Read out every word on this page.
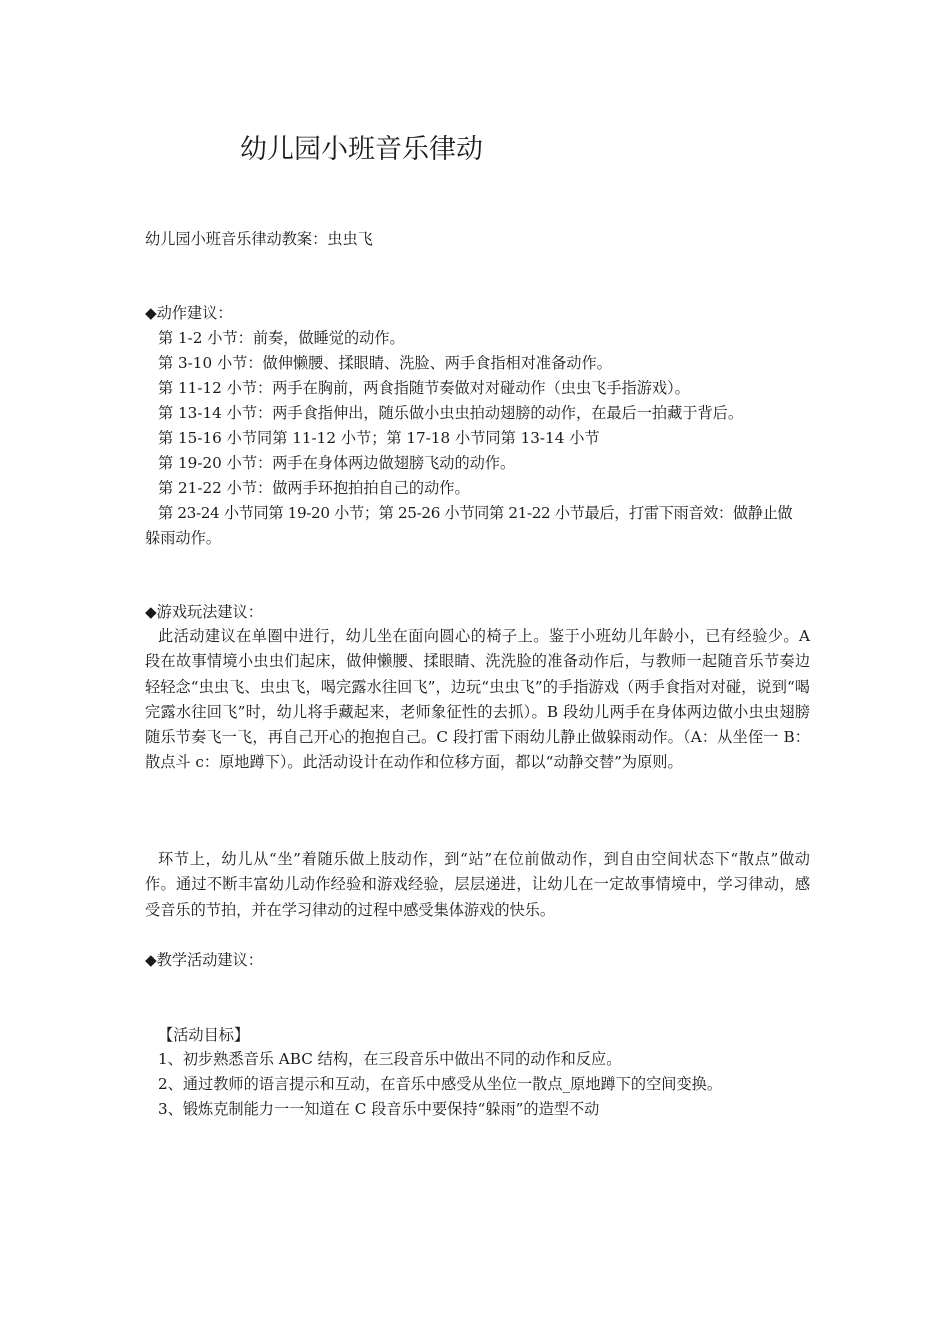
幼儿园小班音乐律动
幼儿园小班音乐律动教案：虫虫飞
◆动作建议：
第 1-2 小节：前奏，做睡觉的动作。
第 3-10 小节：做伸懒腰、揉眼睛、洗脸、两手食指相对准备动作。
第 11-12 小节：两手在胸前，两食指随节奏做对对碰动作（虫虫飞手指游戏）。
第 13-14 小节：两手食指伸出，随乐做小虫虫拍动翅膀的动作，在最后一拍藏于背后。
第 15-16 小节同第 11-12 小节；第 17-18 小节同第 13-14 小节
第 19-20 小节：两手在身体两边做翅膀飞动的动作。
第 21-22 小节：做两手环抱拍拍自己的动作。
第 23-24 小节同第 19-20 小节；第 25-26 小节同第 21-22 小节最后，打雷下雨音效：做静止做
躲雨动作。
◆游戏玩法建议：
此活动建议在单圈中进行，幼儿坐在面向圆心的椅子上。鉴于小班幼儿年龄小，已有经验少。A 段在故事情境小虫虫们起床，做伸懒腰、揉眼睛、洗洗脸的准备动作后，与教师一起随音乐节奏边轻轻念“虫虫飞、虫虫飞，喝完露水往回飞”，边玩“虫虫飞”的手指游戏（两手食指对对碰，说到“喝完露水往回飞”时，幼儿将手藏起来，老师象征性的去抓）。B 段幼儿两手在身体两边做小虫虫翅膀随乐节奏飞一飞，再自己开心的抱抱自己。C 段打雷下雨幼儿静止做躲雨动作。（A：从坐侄一 B：散点斗 c：原地蹲下）。此活动设计在动作和位移方面，都以“动静交替”为原则。
环节上，幼儿从“坐”着随乐做上肢动作，到“站”在位前做动作，到自由空间状态下“散点”做动作。通过不断丰富幼儿动作经验和游戏经验，层层递进，让幼儿在一定故事情境中，学习律动，感受音乐的节拍，并在学习律动的过程中感受集体游戏的快乐。
◆教学活动建议：
【活动目标】
1、初步熟悉音乐 ABC 结构，在三段音乐中做出不同的动作和反应。
2、通过教师的语言提示和互动，在音乐中感受从坐位一散点_原地蹲下的空间变换。
3、锻炼克制能力一一知道在 C 段音乐中要保持“躲雨”的造型不动
